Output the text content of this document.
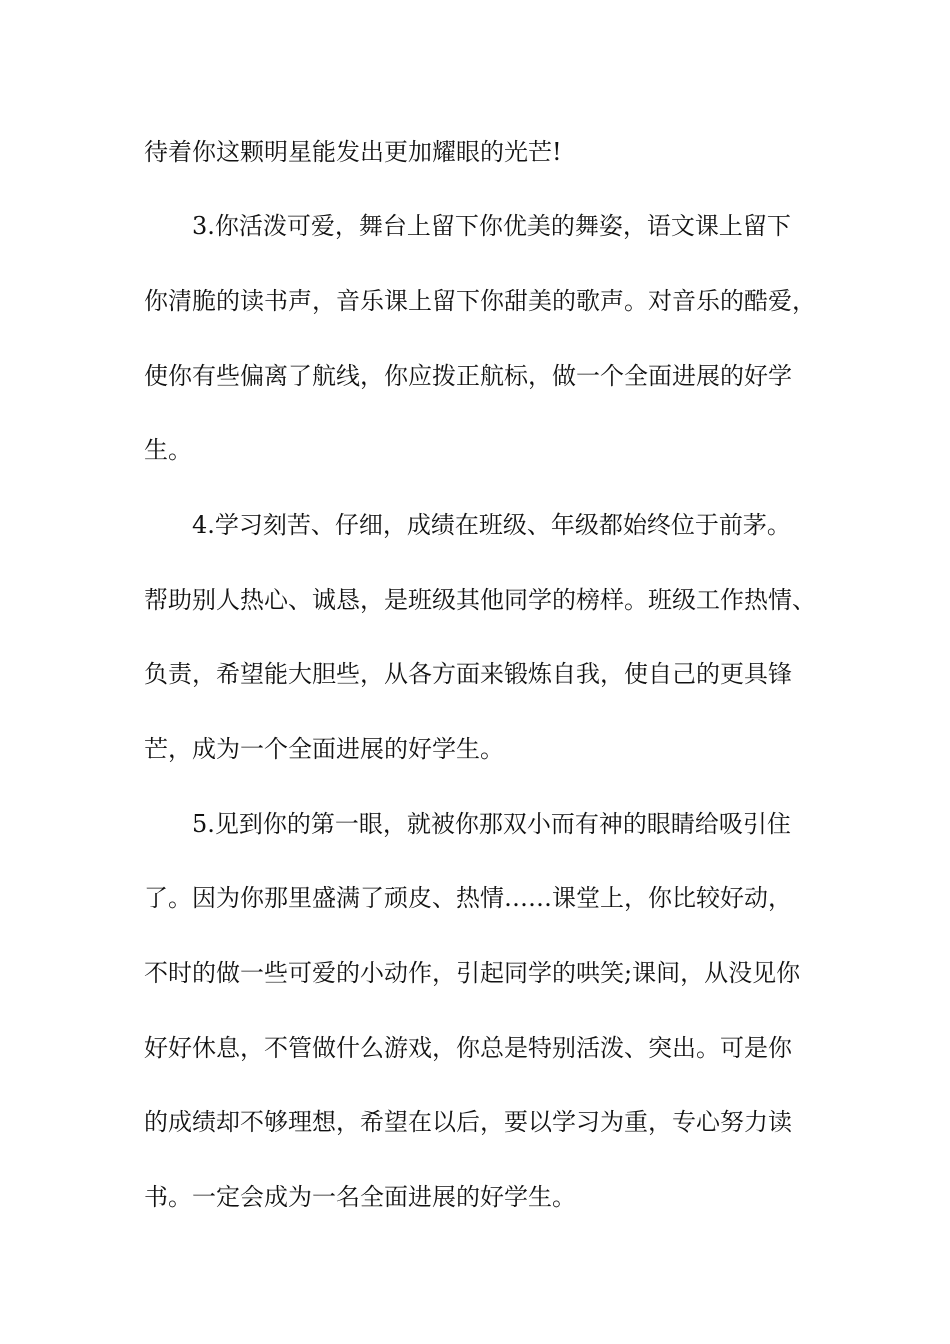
待着你这颗明星能发出更加耀眼的光芒!
3.你活泼可爱，舞台上留下你优美的舞姿，语文课上留下
你清脆的读书声，音乐课上留下你甜美的歌声。对音乐的酷爱，
使你有些偏离了航线，你应拨正航标，做一个全面进展的好学
生。
4.学习刻苦、仔细，成绩在班级、年级都始终位于前茅。
帮助别人热心、诚恳，是班级其他同学的榜样。班级工作热情、
负责，希望能大胆些，从各方面来锻炼自我，使自己的更具锋
芒，成为一个全面进展的好学生。
5.见到你的第一眼，就被你那双小而有神的眼睛给吸引住
了。因为你那里盛满了顽皮、热情……课堂上，你比较好动，
不时的做一些可爱的小动作，引起同学的哄笑;课间，从没见你
好好休息，不管做什么游戏，你总是特别活泼、突出。可是你
的成绩却不够理想，希望在以后，要以学习为重，专心努力读
书。一定会成为一名全面进展的好学生。
